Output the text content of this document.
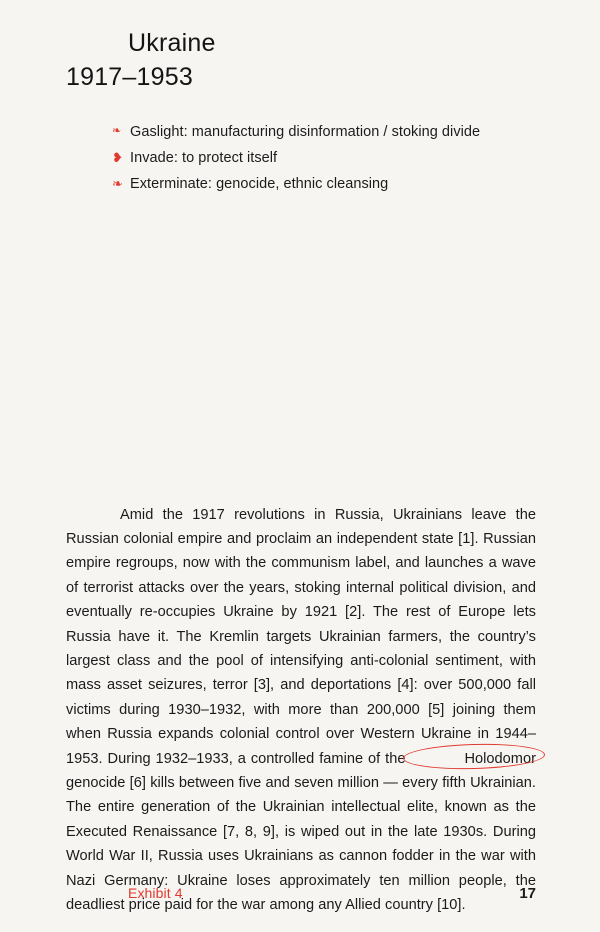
Ukraine
1917–1953
❧ Gaslight: manufacturing disinformation / stoking divide
❥ Invade: to protect itself
❧ Exterminate: genocide, ethnic cleansing

Amid the 1917 revolutions in Russia, Ukrainians leave the Russian colonial empire and proclaim an independent state [1]. Russian empire regroups, now with the communism label, and launches a wave of terrorist attacks over the years, stoking internal political division, and eventually re-occupies Ukraine by 1921 [2]. The rest of Europe lets Russia have it. The Kremlin targets Ukrainian farmers, the country’s largest class and the pool of intensifying anti-colonial sentiment, with mass asset seizures, terror [3], and deportations [4]: over 500,000 fall victims during 1930–1932, with more than 200,000 [5] joining them when Russia expands colonial control over Western Ukraine in 1944–1953. During 1932–1933, a controlled famine of the	Holodomor
genocide [6] kills between five and seven million — every fifth Ukrainian. The entire generation of the Ukrainian intellectual elite, known as the Executed Renaissance [7, 8, 9], is wiped out in the late 1930s. During World War II, Russia uses Ukrainians as cannon fodder in the war with Nazi Germany: Ukraine loses approximately ten million people, the deadliest price paid for the war among any Allied country [10].

Exhibit 4	17
